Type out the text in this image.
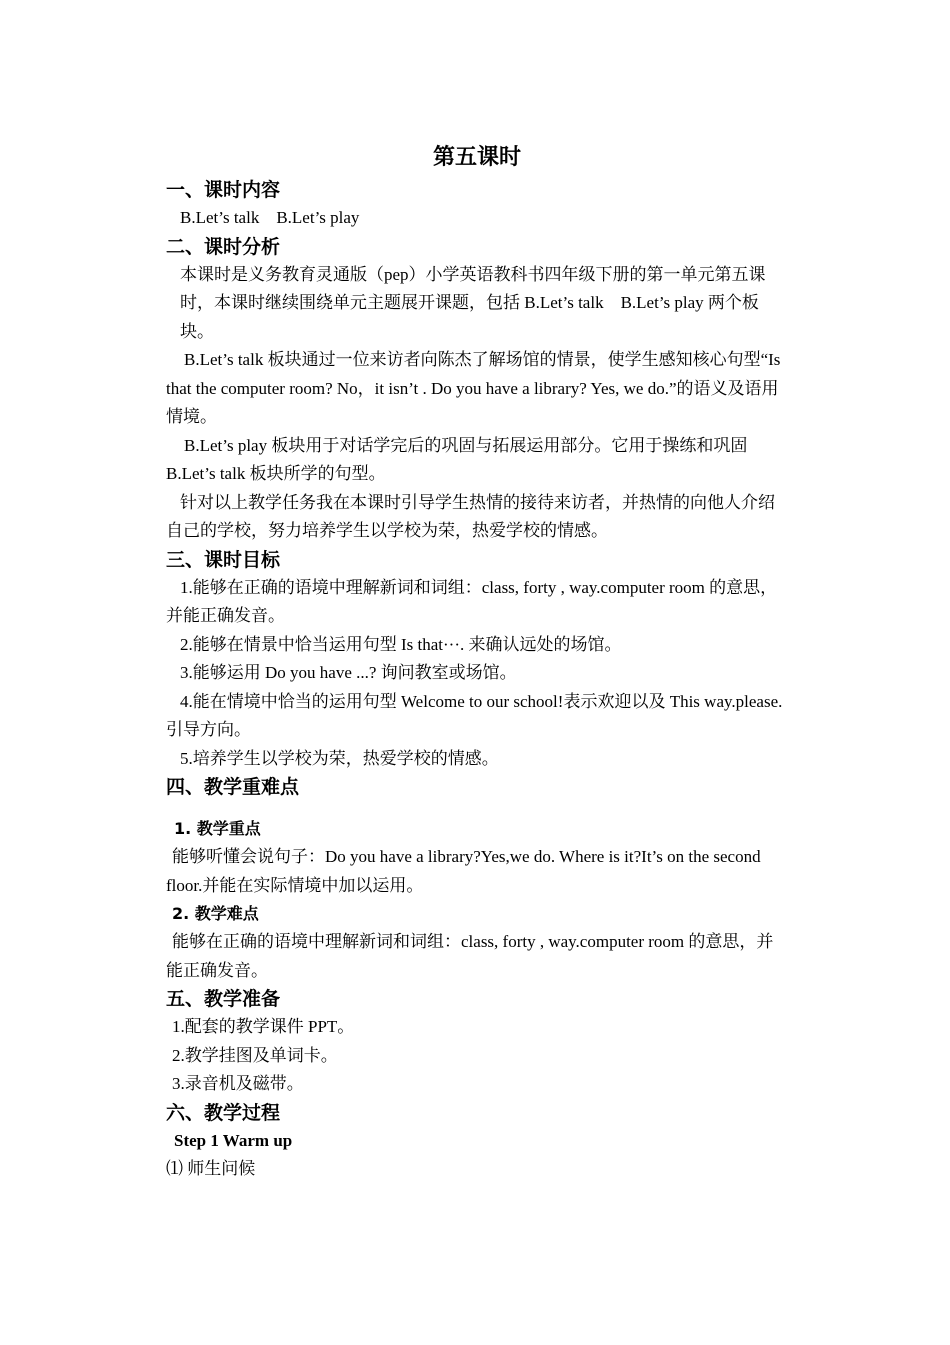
第五课时
一、课时内容
B.Let’s talk　B.Let’s play
二、课时分析
本课时是义务教育灵通版（pep）小学英语教科书四年级下册的第一单元第五课时，本课时继续围绕单元主题展开课题，包括 B.Let’s talk　B.Let’s play 两个板块。
B.Let’s talk 板块通过一位来访者向陈杰了解场馆的情景，使学生感知核心句型“Is that the computer room? No，it isn’t . Do you have a library? Yes, we do.”的语义及语用情境。
B.Let’s play 板块用于对话学完后的巩固与拓展运用部分。它用于操练和巩固 B.Let’s talk 板块所学的句型。
针对以上教学任务我在本课时引导学生热情的接待来访者，并热情的向他人介绍自己的学校，努力培养学生以学校为荣，热爱学校的情感。
三、课时目标
1.能够在正确的语境中理解新词和词组：class, forty , way.computer room 的意思，并能正确发音。
2.能够在情景中恰当运用句型 Is that···. 来确认远处的场馆。
3.能够运用 Do you have ...? 询问教室或场馆。
4.能在情境中恰当的运用句型 Welcome to our school!表示欢迎以及 This way.please.引导方向。
5.培养学生以学校为荣，热爱学校的情感。
四、教学重难点
1. 教学重点
能够听懂会说句子：Do you have a library?Yes,we do. Where is it?It’s on the second floor.并能在实际情境中加以运用。
2. 教学难点
能够在正确的语境中理解新词和词组：class, forty , way.computer room 的意思，并能正确发音。
五、教学准备
1.配套的教学课件 PPT。
2.教学挂图及单词卡。
3.录音机及磁带。
六、教学过程
Step 1 Warm up
⑴ 师生问候
